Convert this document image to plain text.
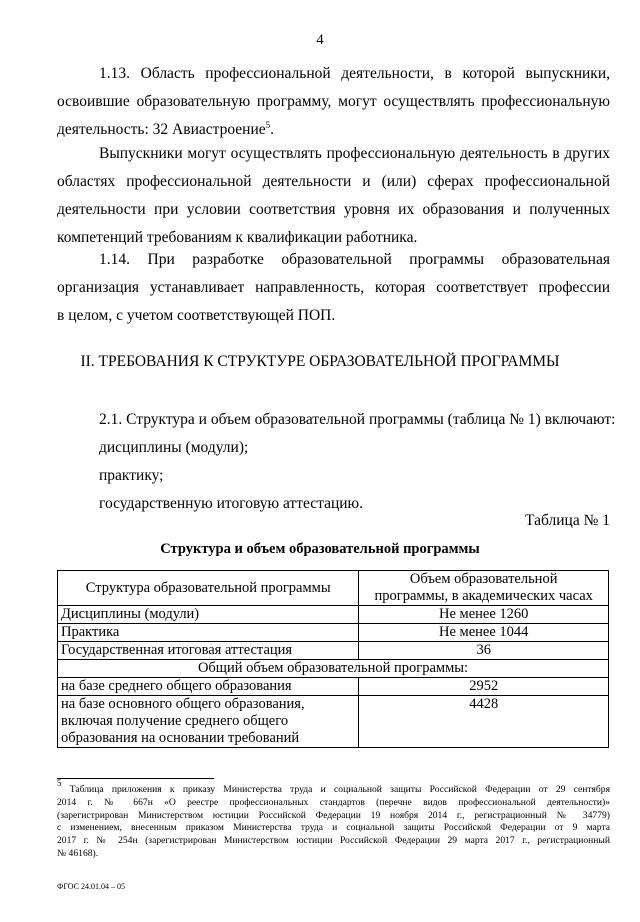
4
1.13. Область профессиональной деятельности, в которой выпускники,
освоившие образовательную программу, могут осуществлять профессиональную
деятельность: 32 Авиастроение$^5$.
Выпускники могут осуществлять профессиональную деятельность в других
областях профессиональной деятельности и (или) сферах профессиональной
деятельности при условии соответствия уровня их образования и полученных
компетенций требованиям к квалификации работника.
1.14. При разработке образовательной программы образовательная
организация устанавливает направленность, которая соответствует профессии
в целом, с учетом соответствующей ПОП.
II. ТРЕБОВАНИЯ К СТРУКТУРЕ ОБРАЗОВАТЕЛЬНОЙ ПРОГРАММЫ
2.1. Структура и объем образовательной программы (таблица № 1) включают:
дисциплины (модули);
практику;
государственную итоговую аттестацию.
Таблица № 1
Структура и объем образовательной программы
Структура образовательной программы	Объем образовательной
программы, в академических часах

Дисциплины (модули)	Не менее 1260
Практика	Не менее 1044
Государственная итоговая аттестация	36
Общий объем образовательной программы:	
на базе среднего общего образования	2952

на базе основного общего образования,
включая получение среднего общего
образования на основании требований	4428
$^5$ Таблица приложения к приказу Министерства труда и социальной защиты Российской Федерации от 29 сентября
2014 г. № 667н «О реестре профессиональных стандартов (перечне видов профессиональной деятельности)»
(зарегистрирован Министерством юстиции Российской Федерации 19 ноября 2014 г., регистрационный № 34779)
с изменением, внесенным приказом Министерства труда и социальной защиты Российской Федерации от 9 марта
2017 г. № 254н (зарегистрирован Министерством юстиции Российской Федерации 29 марта 2017 г., регистрационный
№ 46168).
ФГОС 24.01.04 – 05
